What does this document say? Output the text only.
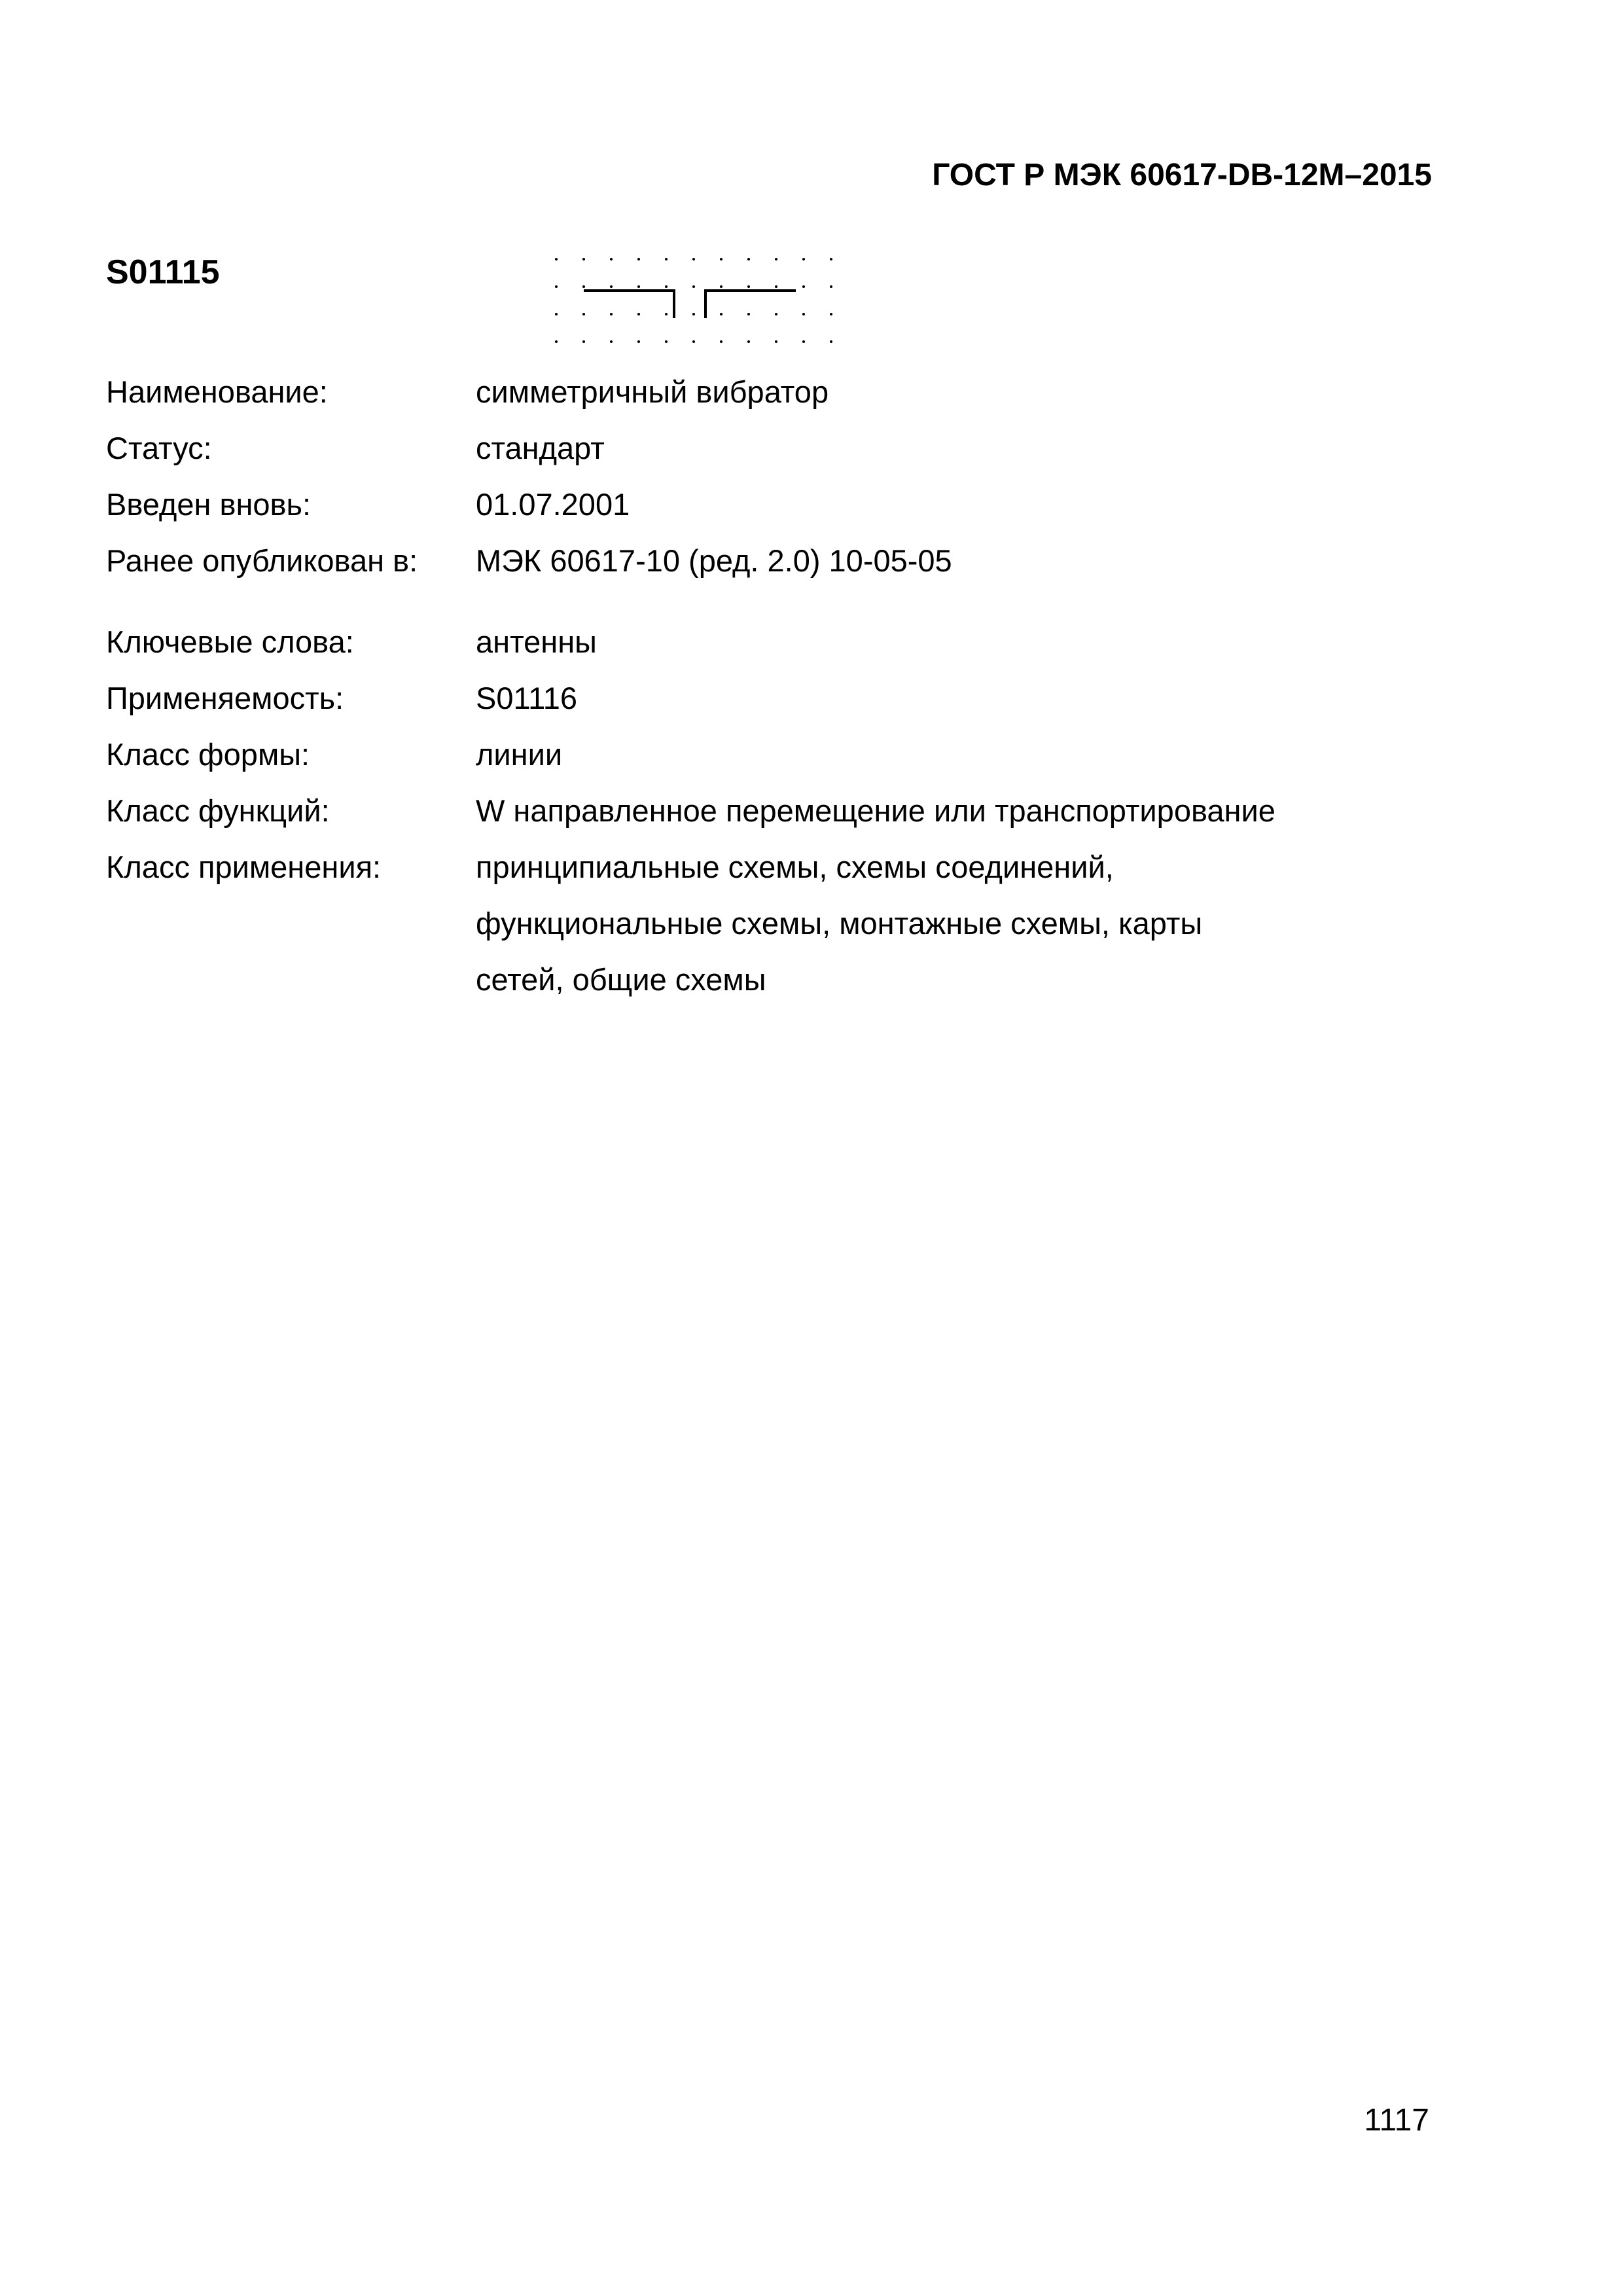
ГОСТ Р МЭК 60617-DB-12M–2015
S01115
Наименование:	симметричный вибратор
Статус:	стандарт
Введен вновь:	01.07.2001
Ранее опубликован в:	МЭК 60617-10 (ред. 2.0) 10-05-05
Ключевые слова:	антенны
Применяемость:	S01116
Класс формы:	линии
Класс функций:	W направленное перемещение или транспортирование
Класс применения:	принципиальные схемы, схемы соединений,
функциональные схемы, монтажные схемы, карты
сетей, общие схемы
1117
